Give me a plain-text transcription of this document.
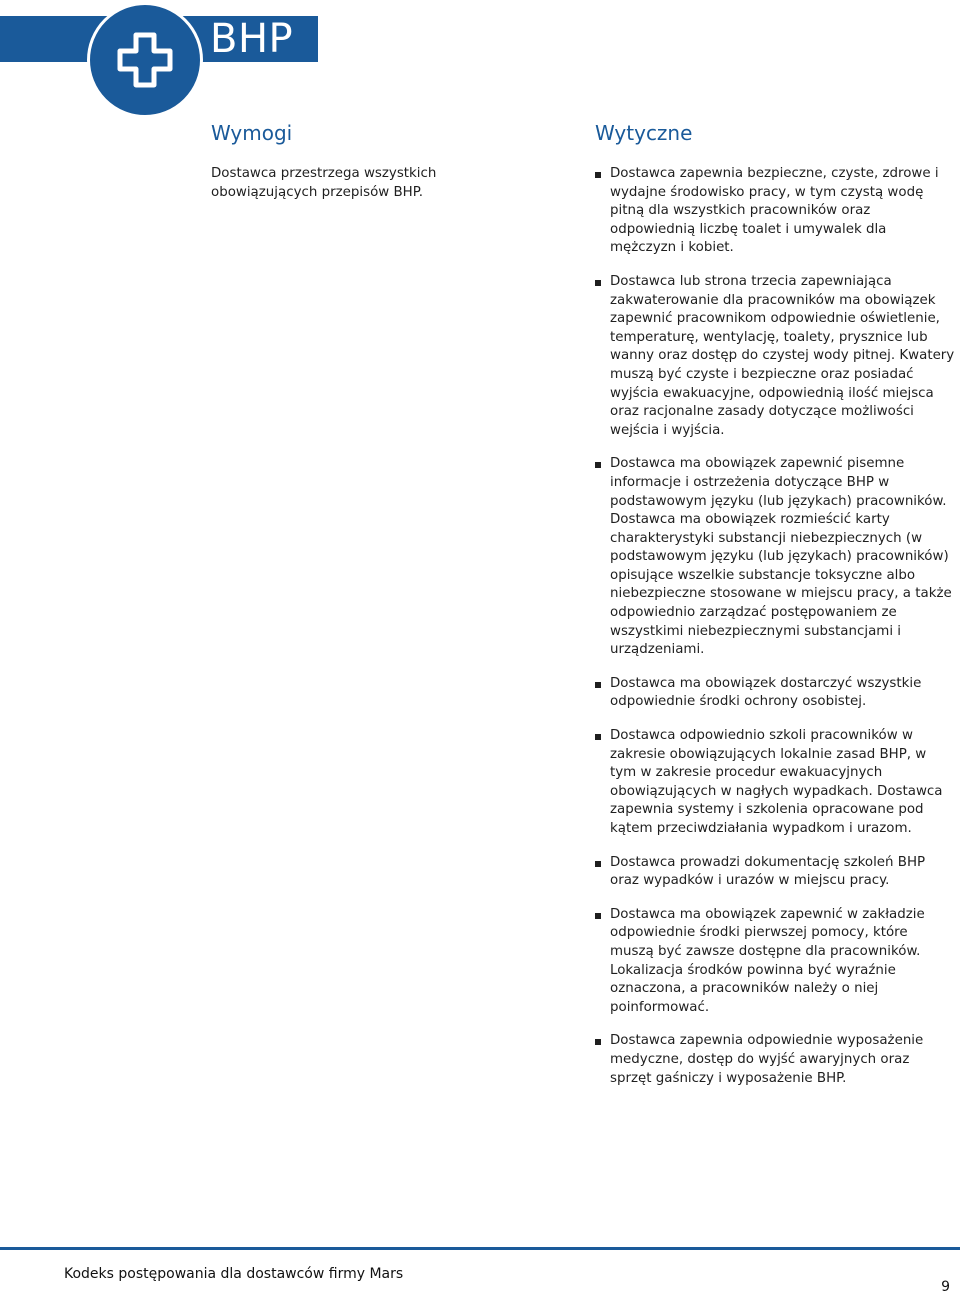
BHP
Wymogi

Dostawca przestrzega wszystkich obowiązujących przepisów BHP.

Wytyczne
Dostawca zapewnia bezpieczne, czyste, zdrowe i wydajne środowisko pracy, w tym czystą wodę pitną dla wszystkich pracowników oraz odpowiednią liczbę toalet i umywalek dla mężczyzn i kobiet.
Dostawca lub strona trzecia zapewniająca zakwaterowanie dla pracowników ma obowiązek zapewnić pracownikom odpowiednie oświetlenie, temperaturę, wentylację, toalety, prysznice lub wanny oraz dostęp do czystej wody pitnej. Kwatery muszą być czyste i bezpieczne oraz posiadać wyjścia ewakuacyjne, odpowiednią ilość miejsca oraz racjonalne zasady dotyczące możliwości wejścia i wyjścia.
Dostawca ma obowiązek zapewnić pisemne informacje i ostrzeżenia dotyczące BHP w podstawowym języku (lub językach) pracowników. Dostawca ma obowiązek rozmieścić karty charakterystyki substancji niebezpiecznych (w podstawowym języku (lub językach) pracowników) opisujące wszelkie substancje toksyczne albo niebezpieczne stosowane w miejscu pracy, a także odpowiednio zarządzać postępowaniem ze wszystkimi niebezpiecznymi substancjami i urządzeniami.
Dostawca ma obowiązek dostarczyć wszystkie odpowiednie środki ochrony osobistej.
Dostawca odpowiednio szkoli pracowników w zakresie obowiązujących lokalnie zasad BHP, w tym w zakresie procedur ewakuacyjnych obowiązujących w nagłych wypadkach. Dostawca zapewnia systemy i szkolenia opracowane pod kątem przeciwdziałania wypadkom i urazom.
Dostawca prowadzi dokumentację szkoleń BHP oraz wypadków i urazów w miejscu pracy.
Dostawca ma obowiązek zapewnić w zakładzie odpowiednie środki pierwszej pomocy, które muszą być zawsze dostępne dla pracowników. Lokalizacja środków powinna być wyraźnie oznaczona, a pracowników należy o niej poinformować.
Dostawca zapewnia odpowiednie wyposażenie medyczne, dostęp do wyjść awaryjnych oraz sprzęt gaśniczy i wyposażenie BHP.
Kodeks postępowania dla dostawców firmy Mars
9
